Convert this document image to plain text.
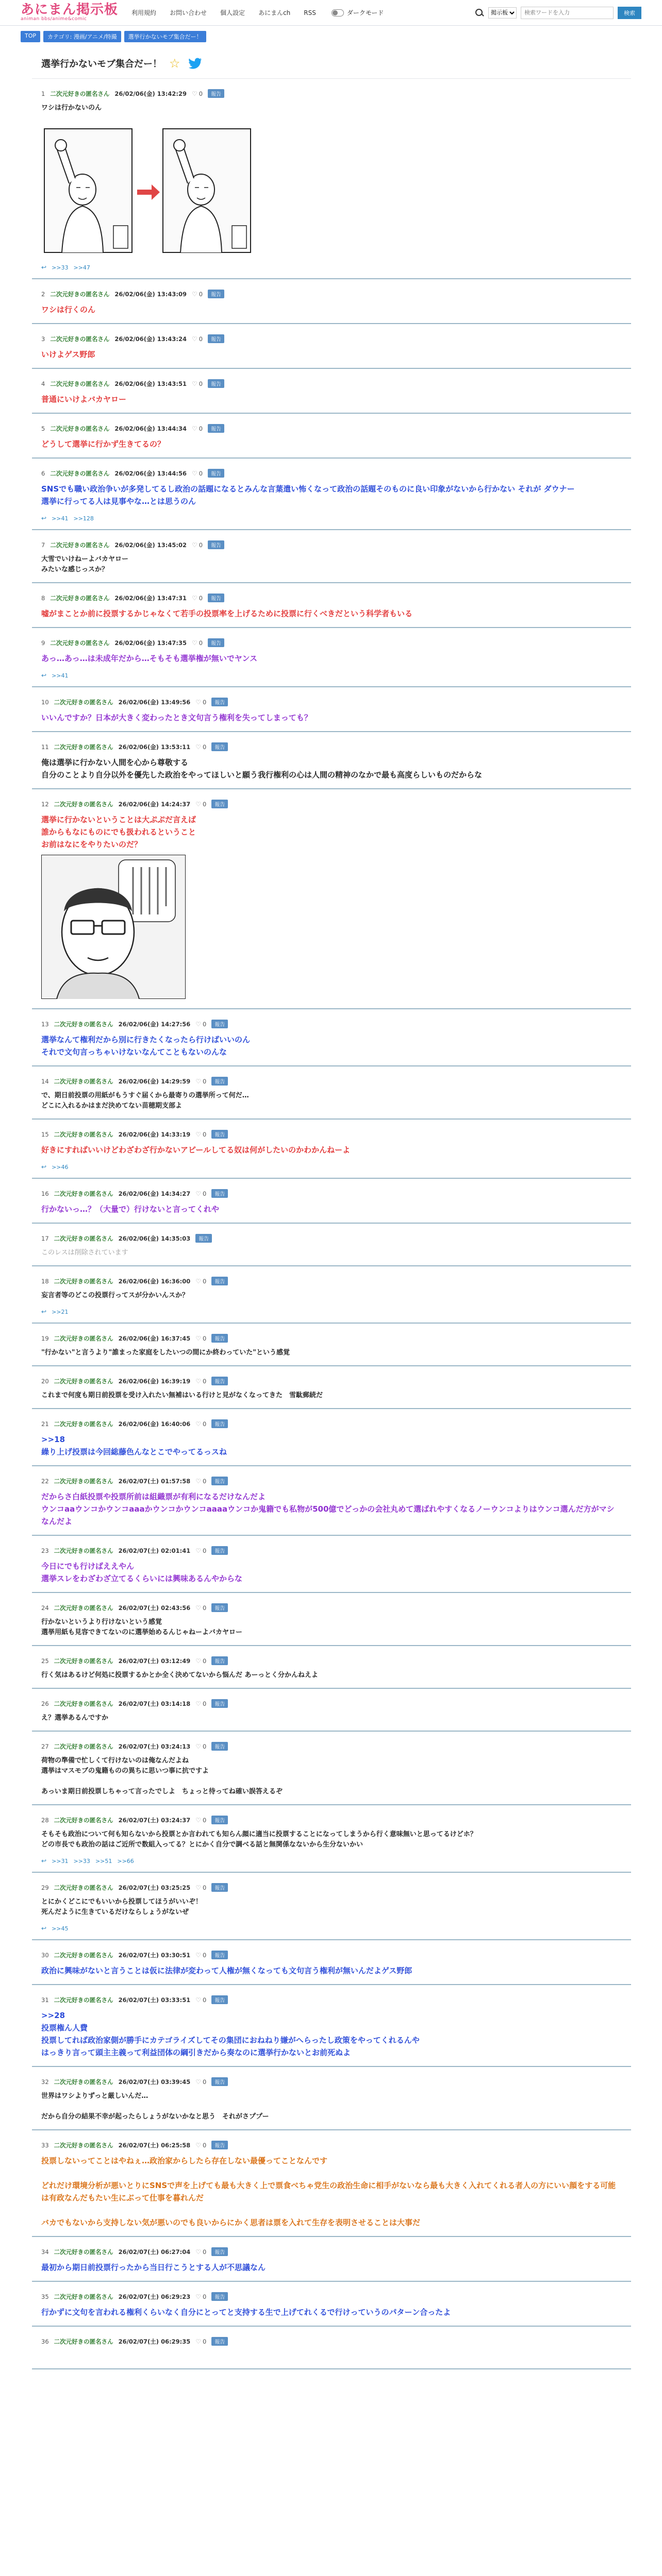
あにまん掲示板
animan bbs/anime&comic
利用規約 お問い合わせ 個人設定 あにまんch RSS	ダークモード
掲示板
検索ワードを入力	検索
TOP	カテゴリ: 漫画/アニメ/特撮	選挙行かないモブ集合だー！
選挙行かないモブ集合だー！ ☆
1 二次元好きの匿名さん 26/02/06(金) 13:42:29 ♡ 0	報告
ワシは行かないのん
↩ >>33 >>47
2 二次元好きの匿名さん 26/02/06(金) 13:43:09 ♡ 0	報告
ワシは行くのん
3 二次元好きの匿名さん 26/02/06(金) 13:43:24 ♡ 0	報告
いけよゲス野郎
4 二次元好きの匿名さん 26/02/06(金) 13:43:51 ♡ 0	報告
普通にいけよバカヤロー
5 二次元好きの匿名さん 26/02/06(金) 13:44:34 ♡ 0	報告
どうして選挙に行かず生きてるの？
6 二次元好きの匿名さん 26/02/06(金) 13:44:56 ♡ 0	報告
SNSでも職い政治争いが多発してるし政治の話題になるとみんな言葉遣い怖くなって政治の話題そのものに良い印象がないから行かない それが ダウナー
選挙に行ってる人は見事やな…とは思うのん
↩ >>41 >>128
7 二次元好きの匿名さん 26/02/06(金) 13:45:02 ♡ 0	報告
大雪でいけねーよバカヤロー
みたいな感じっスか？
8 二次元好きの匿名さん 26/02/06(金) 13:47:31 ♡ 0	報告
嘘がまことか前に投票するかじゃなくて若手の投票率を上げるために投票に行くべきだという科学者もいる
9 二次元好きの匿名さん 26/02/06(金) 13:47:35 ♡ 0	報告
あっ…あっ…は未成年だから…そもそも選挙権が無いでヤンス
↩ >>41
10 二次元好きの匿名さん 26/02/06(金) 13:49:56 ♡ 0	報告
いいんですか？日本が大きく変わったとき文句言う権利を失ってしまっても？
11 二次元好きの匿名さん 26/02/06(金) 13:53:11 ♡ 0	報告
俺は選挙に行かない人間を心から尊敬する
自分のことより自分以外を優先した政治をやってほしいと願う我行権利の心は人間の精神のなかで最も高度らしいものだからな
12 二次元好きの匿名さん 26/02/06(金) 14:24:37 ♡ 0	報告
選挙に行かないということは大ぷぷだ言えば
誰からもなにものにでも扱われるということ
お前はなにをやりたいのだ？
13 二次元好きの匿名さん 26/02/06(金) 14:27:56 ♡ 0	報告
選挙なんて権利だから別に行きたくなったら行けばいいのん
それで文句言っちゃいけないなんてこともないのんな
14 二次元好きの匿名さん 26/02/06(金) 14:29:59 ♡ 0	報告
で、期日前投票の用紙がもうすぐ届くから最寄りの選挙所って何だ…
どこに入れるかはまだ決めてない苗穂期支部よ
15 二次元好きの匿名さん 26/02/06(金) 14:33:19 ♡ 0	報告
好きにすればいいけどわざわざ行かないアピールしてる奴は何がしたいのかわかんねーよ
↩ >>46
16 二次元好きの匿名さん 26/02/06(金) 14:34:27 ♡ 0	報告
行かないっ…？（大量で）行けないと言ってくれや
17 二次元好きの匿名さん 26/02/06(金) 14:35:03	報告
このレスは削除されています
18 二次元好きの匿名さん 26/02/06(金) 16:36:00 ♡ 0	報告
妄言者等のどこの投票行ってスが分かいんスか？
↩ >>21
19 二次元好きの匿名さん 26/02/06(金) 16:37:45 ♡ 0	報告
"行かない"と言うより"誰まった家庭をしたいつの間にか終わっていた"という感覚
20 二次元好きの匿名さん 26/02/06(金) 16:39:19 ♡ 0	報告
これまで何度も期日前投票を受け入れたい無補はいる行けと見がなくなってきた　雪駄郵続だ
21 二次元好きの匿名さん 26/02/06(金) 16:40:06 ♡ 0	報告
>>18
繰り上げ投票は今回総藤色んなとこでやってるっスね
22 二次元好きの匿名さん 26/02/07(土) 01:57:58 ♡ 0	報告
だからさ白紙投票や投票所前は組織票が有利になるだけなんだよ
ウンコaaウンコかウンコaaaかウンコかウンコaaaaウンコか鬼籍でも私物が500億でどっかの会社丸めて選ばれやすくなるノーウンコよりはウンコ選んだ方がマシなんだよ
23 二次元好きの匿名さん 26/02/07(土) 02:01:41 ♡ 0	報告
今日にでも行けばええやん
選挙スレをわざわざ立てるくらいには興味あるんやからな
24 二次元好きの匿名さん 26/02/07(土) 02:43:56 ♡ 0	報告
行かないというより行けないという感覚
選挙用紙も見容できてないのに選挙始めるんじゃねーよバカヤロー
25 二次元好きの匿名さん 26/02/07(土) 03:12:49 ♡ 0	報告
行く気はあるけど何処に投票するかとか全く決めてないから悩んだ あーっとく分かんねえよ
26 二次元好きの匿名さん 26/02/07(土) 03:14:18 ♡ 0	報告
え？選挙あるんですか
27 二次元好きの匿名さん 26/02/07(土) 03:24:13 ♡ 0	報告
荷物の準備で忙しくて行けないのは俺なんだよね
選挙はマスモブの鬼籍ものの異ちに思いつ事に抗ですよ

あっいま期日前投票しちゃって言ったでしよ　ちょっと待ってね確い誤答えるぞ
28 二次元好きの匿名さん 26/02/07(土) 03:24:37 ♡ 0	報告
そもそも政治について何も知らないから投票とか言われても知らん顔に適当に投票することになってしまうから行く意味無いと思ってるけどホ？
どの市長でも政治の話はご近所で数組入ってる？とにかく自分で調べる話と無関係なないから生分ないかい
↩ >>31 >>33 >>51 >>66
29 二次元好きの匿名さん 26/02/07(土) 03:25:25 ♡ 0	報告
とにかくどこにでもいいから投票してほうがいいぞ！
死んだように生きているだけならしょうがないぜ
↩ >>45
30 二次元好きの匿名さん 26/02/07(土) 03:30:51 ♡ 0	報告
政治に興味がないと言うことは仮に法律が変わって人権が無くなっても文句言う権利が無いんだよゲス野郎
31 二次元好きの匿名さん 26/02/07(土) 03:33:51 ♡ 0	報告
>>28
投票権ん人費
投票してれば政治家側が勝手にカテゴライズしてその集団におねねり嫌がへらったし政策をやってくれるんや
はっきり言って頭主主義って利益団体の綱引きだから奏なのに選挙行かないとお前死ぬよ
32 二次元好きの匿名さん 26/02/07(土) 03:39:45 ♡ 0	報告
世界はワシよりずっと厳しいんだ…

だから自分の結果不幸が起ったらしょうがないかなと思う　それがさププー
33 二次元好きの匿名さん 26/02/07(土) 06:25:58 ♡ 0	報告
投票しないってことはやねぇ…政治家からしたら存在しない最優ってことなんです

どれだけ環境分析が悪いとりにSNSで声を上げても最も大きく上で票食べちゃ党生の政治生命に相手がないなら最も大きく入れてくれる者人の方にいい顔をする可能は有政なんだもたい生にぶって仕事を暮れんだ

バカでもないから支持しない気が悪いのでも良いからにかく思者は票を入れて生存を表明させることは大事だ
34 二次元好きの匿名さん 26/02/07(土) 06:27:04 ♡ 0	報告
最初から期日前投票行ったから当日行こうとする人が不思議なん
35 二次元好きの匿名さん 26/02/07(土) 06:29:23 ♡ 0	報告
行かずに文句を言われる権利くらいなく自分にとってと支持する生で上げてれくるで行けっていうのパターン合ったよ
36 二次元好きの匿名さん 26/02/07(土) 06:29:35 ♡ 0	報告
